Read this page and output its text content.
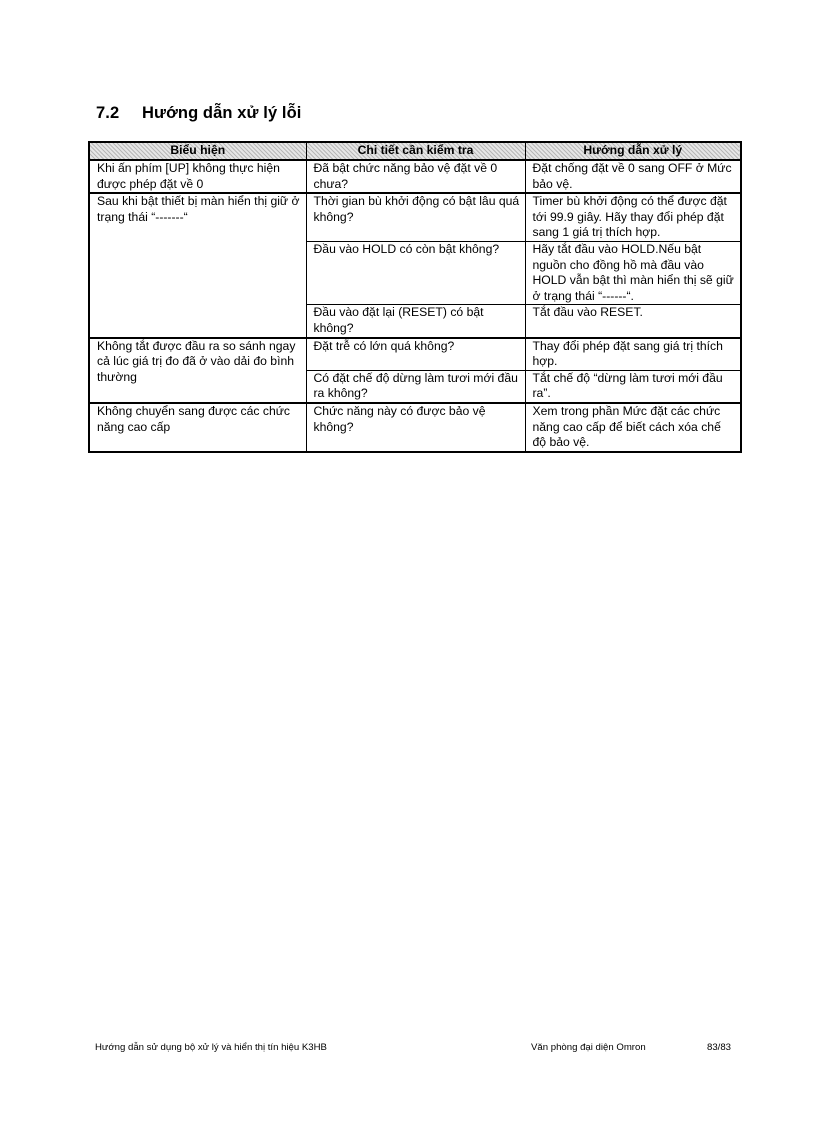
7.2 Hướng dẫn xử lý lỗi
Biểu hiện	Chi tiết cần kiểm tra	Hướng dẫn xử lý

Khi ấn phím [UP] không thực hiện được phép đặt về 0	Đã bật chức năng bảo vệ đặt về 0 chưa?	Đặt chống đặt về 0 sang OFF ở Mức bảo vệ.

Sau khi bật thiết bị màn hiển thị giữ ở trạng thái “-------“	Thời gian bù khởi động có bật lâu quá không?	Timer bù khởi động có thể được đặt tới 99.9 giây. Hãy thay đổi phép đặt sang 1 giá trị thích hợp.

	Đầu vào HOLD có còn bật không?	Hãy tắt đầu vào HOLD.Nếu bật nguồn cho đồng hồ mà đầu vào HOLD vẫn bật thì màn hiển thị sẽ giữ ở trạng thái “------“.

	Đầu vào đặt lại (RESET) có bật không?	Tắt đầu vào RESET.

Không tắt được đầu ra so sánh ngay cả lúc giá trị đo đã ở vào dải đo bình thường	Đặt trễ có lớn quá không?	Thay đổi phép đặt sang giá trị thích hợp.

	Có đặt chế độ dừng làm tươi mới đầu ra không?	Tắt chế độ “dừng làm tươi mới đầu ra”.

Không chuyển sang được các chức năng cao cấp	Chức năng này có được bảo vệ không?	Xem trong phần Mức đặt các chức năng cao cấp để biết cách xóa chế độ bảo vệ.
Hướng dẫn sử dụng bộ xử lý và hiển thị tín hiệu K3HB	Văn phòng đại diện Omron	83/83
